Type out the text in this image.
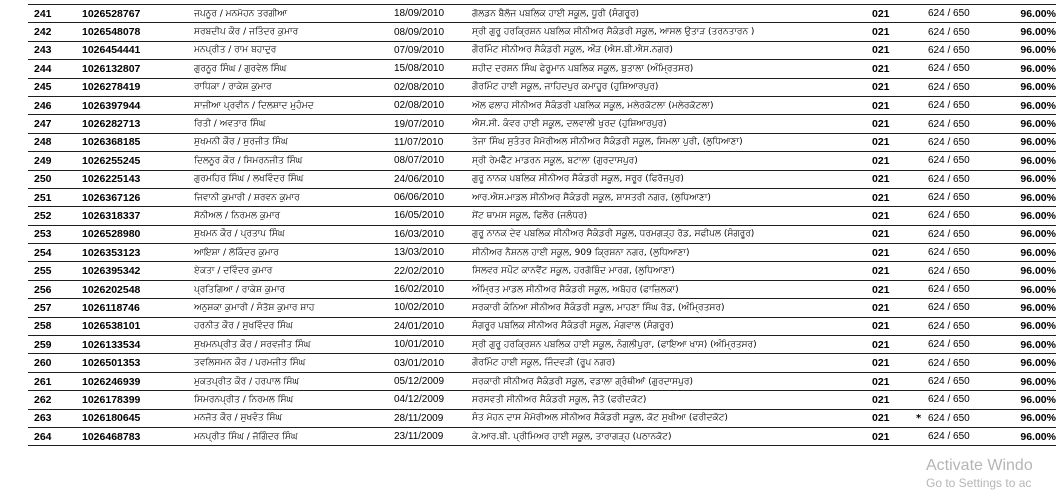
241	1026528767	ਜਪਨੂਰ / ਮਨਮੋਹਨ ਤਰਗੀਆ	18/09/2010	ਗੋਲਡਨ ਬੈਲੱਜ ਪਬਲਿਕ ਹਾਈ ਸਕੂਲ, ਧੂਰੀ (ਸੰਗਰੂਰ)	021		624 / 650	96.00%
242	1026548078	ਸਰਬਦੀਪ ਕੌਰ / ਜਤਿੰਦਰ ਕੁਮਾਰ	08/09/2010	ਸ੍ਰੀ ਗੁਰੂ ਹਰਕ੍ਰਿਸ਼ਨ ਪਬਲਿਕ ਸੀਨੀਅਰ ਸੈਕੰਡਰੀ ਸਕੂਲ, ਆਸਲ ਉਤਾੜ (ਤਰਨਤਾਰਨ )	021		624 / 650	96.00%
243	1026454441	ਮਨਪ੍ਰੀਤ / ਰਾਮ ਬਹਾਦੁਰ	07/09/2010	ਗੌਰਮਿੰਟ ਸੀਨੀਅਰ ਸੈਕੰਡਰੀ ਸਕੂਲ, ਔੜ (ਐਸ.ਬੀ.ਐਸ.ਨਗਰ)	021		624 / 650	96.00%
244	1026132807	ਗੁਰਨੂਰ ਸਿੰਘ / ਗੁਰਵੇਲ ਸਿੰਘ	15/08/2010	ਸ਼ਹੀਦ ਦਰਸ਼ਨ ਸਿੰਘ ਫੇਰੂਮਾਨ ਪਬਲਿਕ ਸਕੂਲ, ਬੁਤਾਲਾ (ਅੰਮ੍ਰਿਤਸਰ)	021		624 / 650	96.00%
245	1026278419	ਰਾਧਿਕਾ / ਰਾਕੇਸ਼ ਕੁਮਾਰ	02/08/2010	ਗੌਰਮਿੰਟ ਹਾਈ ਸਕੂਲ, ਜਾਹਿਦਪੁਰ ਕਮਾਹੂਰ (ਹੁਸ਼ਿਆਰਪੁਰ)	021		624 / 650	96.00%
246	1026397944	ਸਾਜੀਆ ਪ੍ਰਵੀਨ / ਦਿਲਸ਼ਾਦ ਮੁਹੰਮਦ	02/08/2010	ਅੱਲ ਫਲਾਹ ਸੀਨੀਅਰ ਸੈਕੰਡਰੀ ਪਬਲਿਕ ਸਕੂਲ, ਮਲੇਰਕੋਟਲਾ (ਮਲੇਰਕੋਟਲਾ)	021		624 / 650	96.00%
247	1026282713	ਰਿਤੀ / ਅਵਤਾਰ ਸਿੰਘ	19/07/2010	ਐਸ.ਸੀ. ਕੰਵਰ ਹਾਈ ਸਕੂਲ, ਦਲਵਾਲੀ ਖੁਰਦ (ਹੁਸ਼ਿਆਰਪੁਰ)	021		624 / 650	96.00%
248	1026368185	ਸੁਖਮਨੀ ਕੌਰ / ਸੁਰਜੀਤ ਸਿੰਘ	11/07/2010	ਤੇਜਾ ਸਿੰਘ ਸੁਤੰਤਰ ਮੈਮੋਰੀਅਲ ਸੀਨੀਅਰ ਸੈਕੰਡਰੀ ਸਕੂਲ, ਸਿਮਲਾ ਪੁਰੀ, (ਲੁਧਿਆਣਾ)	021		624 / 650	96.00%
249	1026255245	ਦਿਲਨੂਰ ਕੌਰ / ਸਿਮਰਨਜੀਤ ਸਿੰਘ	08/07/2010	ਸ੍ਰੀ ਰੇਮਫੈੱਟ ਮਾਡਰਨ ਸਕੂਲ, ਬਟਾਲਾ (ਗੁਰਦਾਸਪੁਰ)	021		624 / 650	96.00%
250	1026225143	ਗੁਰਮਹਿਰ ਸਿੰਘ / ਲਖਵਿੰਦਰ ਸਿੰਘ	24/06/2010	ਗੁਰੂ ਨਾਨਕ ਪਬਲਿਕ ਸੀਨੀਅਰ ਸੈਕੰਡਰੀ ਸਕੂਲ, ਸਰੂਰ (ਫਿਰੋਜ਼ਪੁਰ)	021		624 / 650	96.00%
251	1026367126	ਜਿਵਾਨੀ ਕੁਮਾਰੀ / ਸ਼ਰਵਨ ਕੁਮਾਰ	06/06/2010	ਆਰ.ਐਸ.ਮਾਡਲ ਸੀਨੀਅਰ ਸੈਕੰਡਰੀ ਸਕੂਲ, ਸ਼ਾਸਤਰੀ ਨਗਰ, (ਲੁਧਿਆਣਾ)	021		624 / 650	96.00%
252	1026318337	ਸੋਨੀਅਲ / ਨਿਰਮਲ ਕੁਮਾਰ	16/05/2010	ਸੇਂਟ ਥਾਮਸ ਸਕੂਲ, ਫਿਲੌਰ (ਜਲੰਧਰ)	021		624 / 650	96.00%
253	1026528980	ਸੁਖਮਨ ਕੌਰ / ਪ੍ਰਤਾਪ ਸਿੰਘ	16/03/2010	ਗੁਰੂ ਨਾਨਕ ਦੇਵ ਪਬਲਿਕ ਸੀਨੀਅਰ ਸੈਕੰਡਰੀ ਸਕੂਲ, ਧਰਮਗੜ੍ਹ ਰੋਡ, ਸਫੀਪਲ (ਸੰਗਰੂਰ)	021		624 / 650	96.00%
254	1026353123	ਆਇਸ਼ਾ / ਲੋਕਿੰਦਰ ਕੁਮਾਰ	13/03/2010	ਸੀਨੀਅਰ ਨੈਸ਼ਨਲ ਹਾਈ ਸਕੂਲ, 909 ਕ੍ਰਿਸ਼ਨਾ ਨਗਰ, (ਲੁਧਿਆਣਾ)	021		624 / 650	96.00%
255	1026395342	ਏਕਤਾ / ਦਵਿੰਦਰ ਕੁਮਾਰ	22/02/2010	ਸਿਲਵਰ ਸਪੌਟ ਕਾਨਵੈਂਟ ਸਕੂਲ, ਹਰਗੋਬਿੰਦ ਮਾਰਗ, (ਲੁਧਿਆਣਾ)	021		624 / 650	96.00%
256	1026202548	ਪ੍ਰਤਿਗਿਆ / ਰਾਕੇਸ਼ ਕੁਮਾਰ	16/02/2010	ਅੰਮ੍ਰਿਤ ਮਾਡਲ ਸੀਨੀਅਰ ਸੈਕੰਡਰੀ ਸਕੂਲ, ਅਬੋਹਰ (ਫਾਜ਼ਿਲਕਾ)	021		624 / 650	96.00%
257	1026118746	ਅਨੁਸ਼ਕਾ ਕੁਮਾਰੀ / ਸੰਤੋਸ਼ ਕੁਮਾਰ ਸ਼ਾਹ	10/02/2010	ਸਰਕਾਰੀ ਕੰਨਿਆ ਸੀਨੀਅਰ ਸੈਕੰਡਰੀ ਸਕੂਲ, ਮਾਹਣਾ ਸਿੰਘ ਰੋਡ, (ਅੰਮ੍ਰਿਤਸਰ)	021		624 / 650	96.00%
258	1026538101	ਹਰਨੀਤ ਕੌਰ / ਸੁਖਵਿੰਦਰ ਸਿੰਘ	24/01/2010	ਸੰਗਰੂਰ ਪਬਲਿਕ ਸੀਨੀਅਰ ਸੈਕੰਡਰੀ ਸਕੂਲ, ਮੰਗਵਾਲ (ਸੰਗਰੂਰ)	021		624 / 650	96.00%
259	1026133534	ਸੁਖਮਨਪ੍ਰੀਤ ਕੌਰ / ਸਰਵਜੀਤ ਸਿੰਘ	10/01/2010	ਸ੍ਰੀ ਗੁਰੂ ਹਰਕ੍ਰਿਸ਼ਨ ਪਬਲਿਕ ਹਾਈ ਸਕੂਲ, ਨੰਗਲੀਪੁਰਾ, (ਫਾਇਆ ਖਾਸ) (ਅੰਮ੍ਰਿਤਸਰ)	021		624 / 650	96.00%
260	1026501353	ਤਵਲਿਸਮਨ ਕੌਰ / ਪਰਮਜੀਤ ਸਿੰਘ	03/01/2010	ਗੌਰਮਿੰਟ ਹਾਈ ਸਕੂਲ, ਜਿੰਦਵੜੀ (ਰੂਪ ਨਗਰ)	021		624 / 650	96.00%
261	1026246939	ਮੁਕਤਪ੍ਰੀਤ ਕੌਰ / ਹਰਪਾਲ ਸਿੰਘ	05/12/2009	ਸਰਕਾਰੀ ਸੀਨੀਅਰ ਸੈਕੰਡਰੀ ਸਕੂਲ, ਵਡਾਲਾ ਗ੍ਰੰਥੀਆਂ (ਗੁਰਦਾਸਪੁਰ)	021		624 / 650	96.00%
262	1026178399	ਸਿਮਰਨਪ੍ਰੀਤ / ਨਿਰਮਲ ਸਿੰਘ	04/12/2009	ਸਰਸਵਤੀ ਸੀਨੀਅਰ ਸੈਕੰਡਰੀ ਸਕੂਲ, ਜੈਤੋ (ਫਰੀਦਕੋਟ)	021		624 / 650	96.00%
263	1026180645	ਮਨਜੋਤ ਕੌਰ / ਸੁਖਵੰਤ ਸਿੰਘ	28/11/2009	ਸੰਤ ਮੋਹਨ ਦਾਸ ਮੈਮੋਰੀਅਲ ਸੀਨੀਅਰ ਸੈਕੰਡਰੀ ਸਕੂਲ, ਕੋਟ ਸੁਖੀਆ (ਫਰੀਦਕੋਟ)	021	*	624 / 650	96.00%
264	1026468783	ਮਨਪ੍ਰੀਤ ਸਿੰਘ / ਜੋਗਿੰਦਰ ਸਿੰਘ	23/11/2009	ਕੇ.ਆਰ.ਬੀ. ਪ੍ਰੀਮਿਅਰ ਹਾਈ ਸਕੂਲ, ਤਾਰਾਗੜ੍ਹ (ਪਠਾਨਕੋਟ)	021		624 / 650	96.00%
Activate Windo
Go to Settings to ac
